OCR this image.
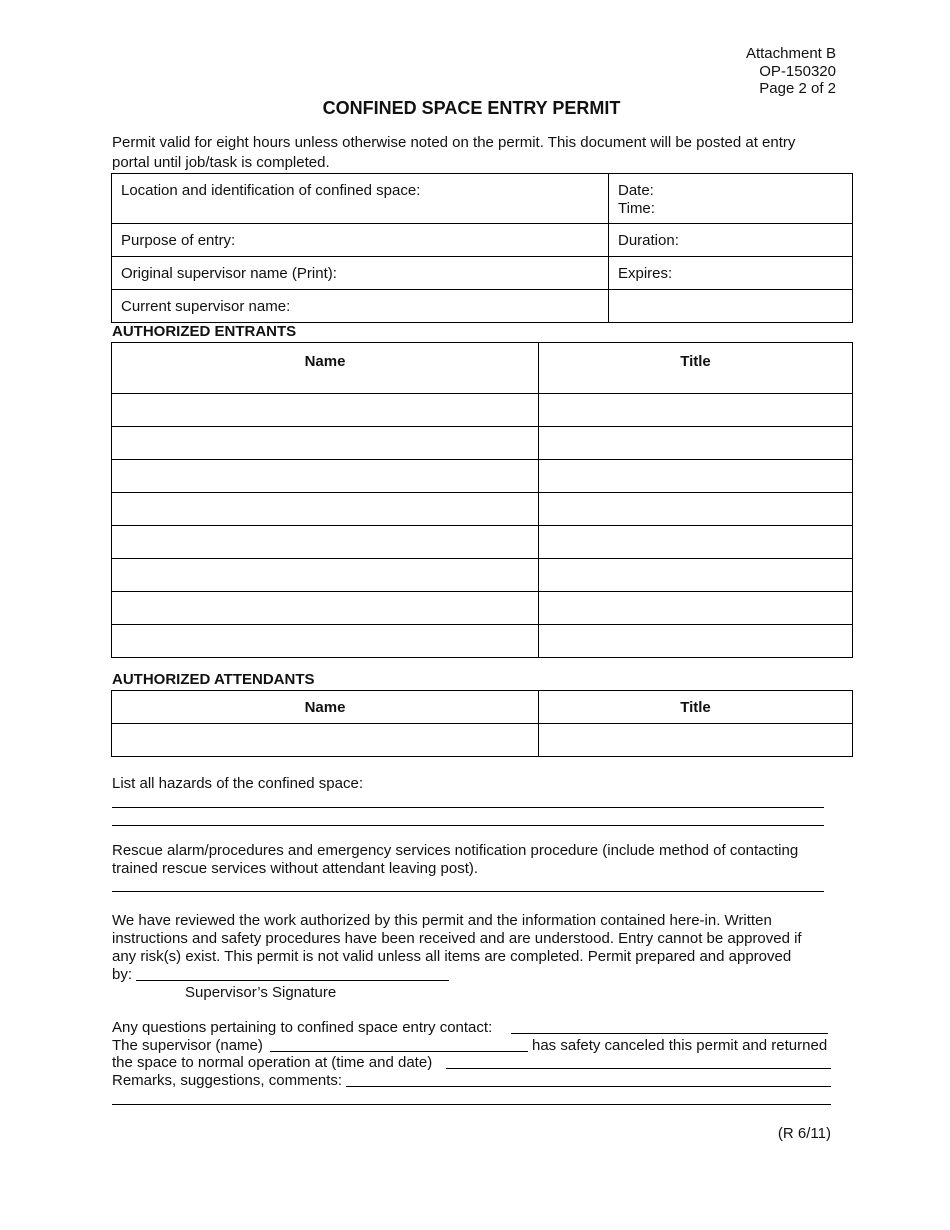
Attachment B
OP-150320
Page 2 of 2
CONFINED SPACE ENTRY PERMIT
Permit valid for eight hours unless otherwise noted on the permit. This document will be posted at entry
portal until job/task is completed.
Location and identification of confined space:	Date:
Time:

Purpose of entry:	Duration:

Original supervisor name (Print):	Expires:

Current supervisor name:	

AUTHORIZED ENTRANTS
Name	Title

AUTHORIZED ATTENDANTS
Name	Title

List all hazards of the confined space:
Rescue alarm/procedures and emergency services notification procedure (include method of contacting
trained rescue services without attendant leaving post).
We have reviewed the work authorized by this permit and the information contained here-in. Written
instructions and safety procedures have been received and are understood. Entry cannot be approved if
any risk(s) exist. This permit is not valid unless all items are completed. Permit prepared and approved
by:
Supervisor’s Signature
Any questions pertaining to confined space entry contact:
The supervisor (name)	has safety canceled this permit and returned
the space to normal operation at (time and date)
Remarks, suggestions, comments:
(R 6/11)
